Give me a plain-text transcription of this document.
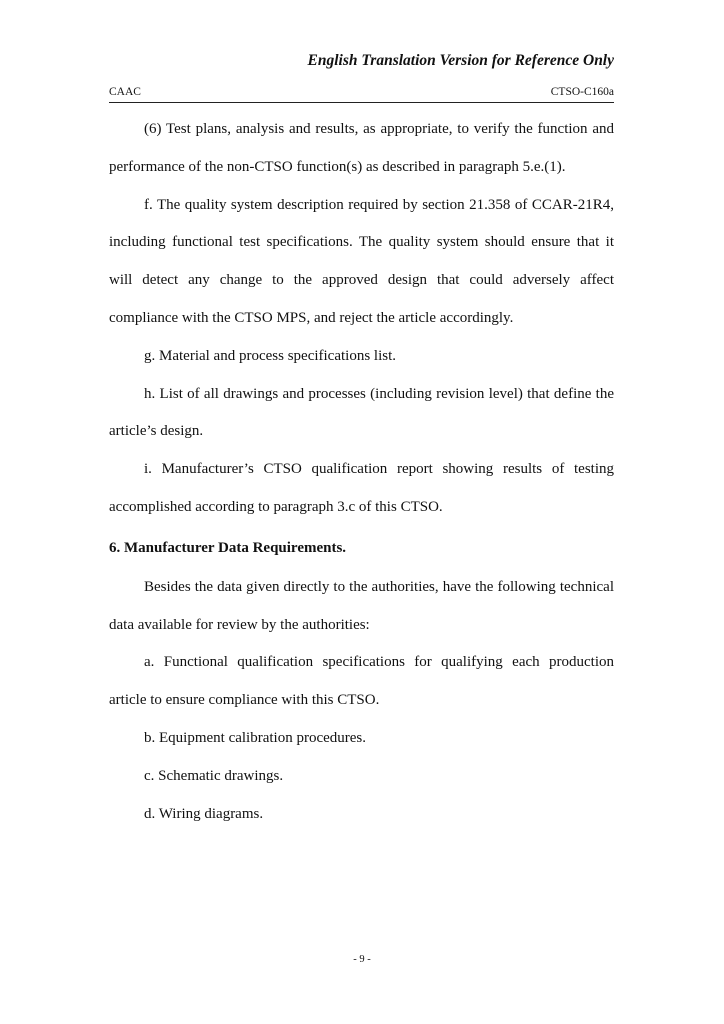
English Translation Version for Reference Only
CAAC	CTSO-C160a

(6) Test plans, analysis and results, as appropriate, to verify the function and performance of the non-CTSO function(s) as described in paragraph 5.e.(1).

f. The quality system description required by section 21.358 of CCAR-21R4, including functional test specifications. The quality system should ensure that it will detect any change to the approved design that could adversely affect compliance with the CTSO MPS, and reject the article accordingly.

g. Material and process specifications list.

h. List of all drawings and processes (including revision level) that define the article’s design.

i. Manufacturer’s CTSO qualification report showing results of testing accomplished according to paragraph 3.c of this CTSO.

6. Manufacturer Data Requirements.

Besides the data given directly to the authorities, have the following technical data available for review by the authorities:

a. Functional qualification specifications for qualifying each production article to ensure compliance with this CTSO.

b. Equipment calibration procedures.

c. Schematic drawings.

d. Wiring diagrams.

- 9 -
